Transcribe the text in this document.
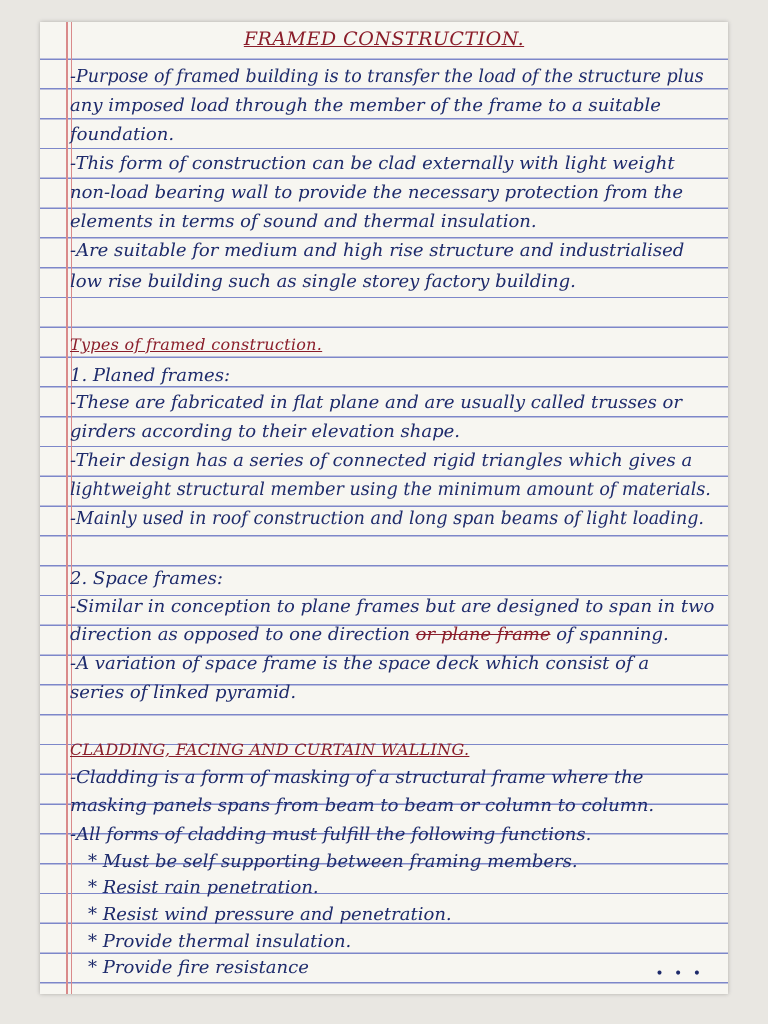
FRAMED CONSTRUCTION.
-Purpose of framed building is to transfer the load of the structure plus
any imposed load through the member of the frame to a suitable
foundation.
-This form of construction can be clad externally with light weight
non-load bearing wall to provide the necessary protection from the
elements in terms of sound and thermal insulation.
-Are suitable for medium and high rise structure and industrialised
low rise building such as single storey factory building.
Types of framed construction.
1. Planed frames:
-These are fabricated in flat plane and are usually called trusses or
girders according to their elevation shape.
-Their design has a series of connected rigid triangles which gives a
lightweight structural member using the minimum amount of materials.
-Mainly used in roof construction and long span beams of light loading.
2. Space frames:
-Similar in conception to plane frames but are designed to span in two
direction as opposed to one direction or plane frame of spanning.
-A variation of space frame is the space deck which consist of a
series of linked pyramid.
CLADDING, FACING AND CURTAIN WALLING.
-Cladding is a form of masking of a structural frame where the
masking panels spans from beam to beam or column to column.
-All forms of cladding must fulfill the following functions.
* Must be self supporting between framing members.
* Resist rain penetration.
* Resist wind pressure and penetration.
* Provide thermal insulation.
* Provide fire resistance	• • •
